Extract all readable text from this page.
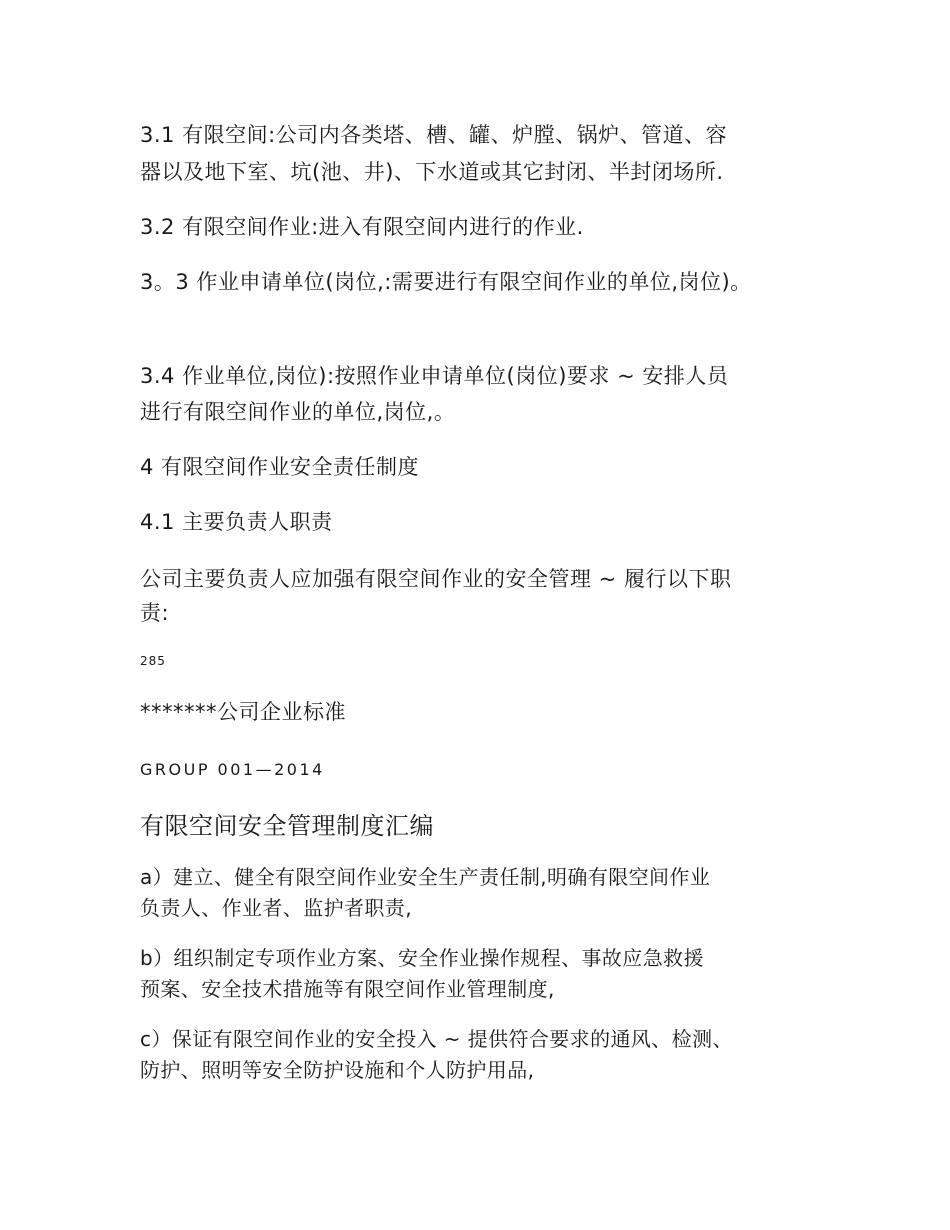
3.1 有限空间:公司内各类塔、槽、罐、炉膛、锅炉、管道、容
器以及地下室、坑(池、井)、下水道或其它封闭、半封闭场所.
3.2 有限空间作业:进入有限空间内进行的作业.
3。3 作业申请单位(岗位,:需要进行有限空间作业的单位,岗位)。
3.4 作业单位,岗位):按照作业申请单位(岗位)要求 ~ 安排人员
进行有限空间作业的单位,岗位,。
4 有限空间作业安全责任制度
4.1 主要负责人职责
公司主要负责人应加强有限空间作业的安全管理 ~ 履行以下职
责:
285
*******公司企业标准
GROUP 001—2014
有限空间安全管理制度汇编
a）建立、健全有限空间作业安全生产责任制,明确有限空间作业
负责人、作业者、监护者职责,
b）组织制定专项作业方案、安全作业操作规程、事故应急救援
预案、安全技术措施等有限空间作业管理制度,
c）保证有限空间作业的安全投入 ~ 提供符合要求的通风、检测、
防护、照明等安全防护设施和个人防护用品,
